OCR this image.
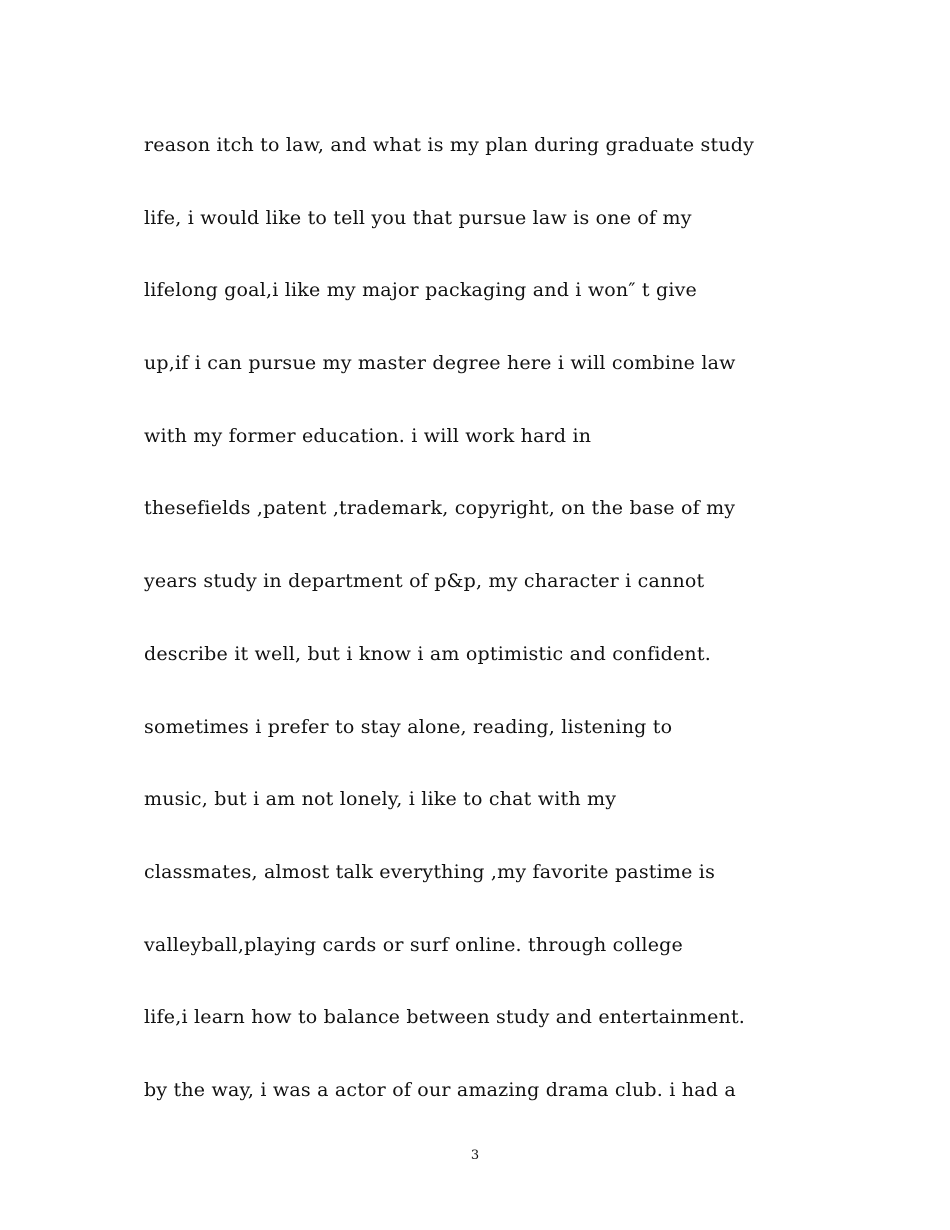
reason itch to law, and what is my plan during graduate study
life, i would like to tell you that pursue law is one of my
lifelong goal,i like my major packaging and i won″ t give
up,if i can pursue my master degree here i will combine law
with my former education. i will work hard in
thesefields ,patent ,trademark, copyright, on the base of my
years study in department of p&p, my character i cannot
describe it well, but i know i am optimistic and confident.
sometimes i prefer to stay alone, reading, listening to
music, but i am not lonely, i like to chat with my
classmates, almost talk everything ,my favorite pastime is
valleyball,playing cards or surf online. through college
life,i learn how to balance between study and entertainment.
by the way, i was a actor of our amazing drama club. i had a
3
